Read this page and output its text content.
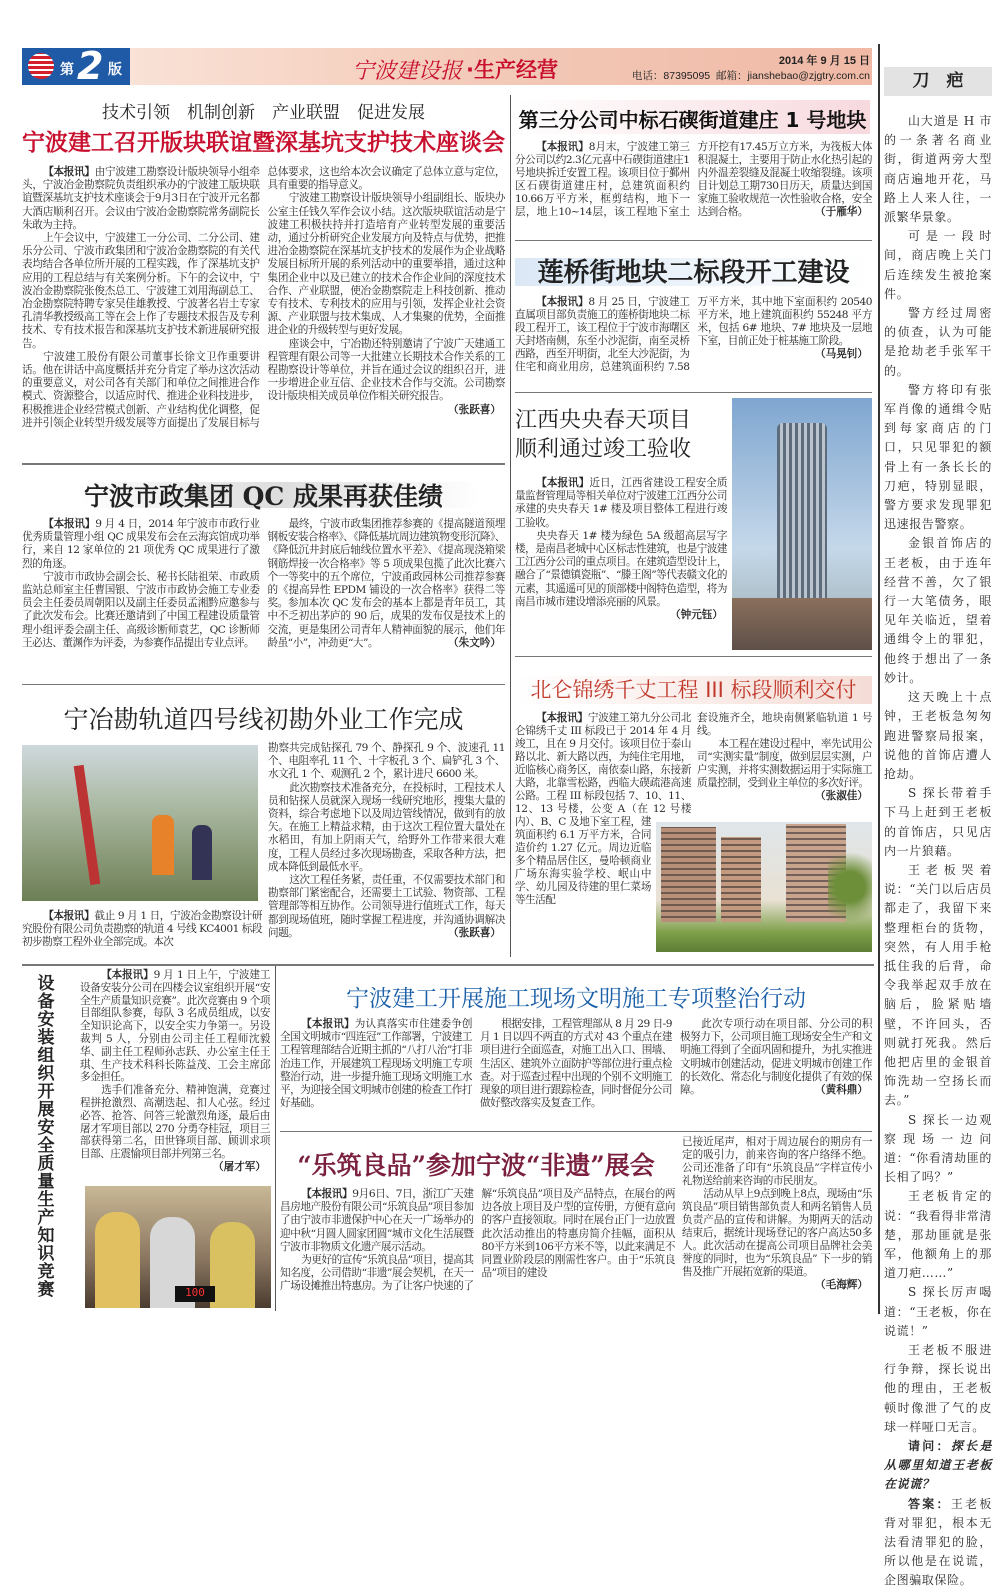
第 2 版	宁波建设报 ·生产经营	2014 年 9 月 15 日
电话：87395095 邮箱：jianshebao@zjgtry.com.cn
技术引领　机制创新　产业联盟　促进发展
宁波建工召开版块联谊暨深基坑支护技术座谈会

【本报讯】由宁波建工勘察设计版块领导小组牵头，宁波冶金勘察院负责组织承办的宁波建工版块联谊暨深基坑支护技术座谈会于9月3日在宁波开元名都大酒店顺利召开。会议由宁波冶金勘察院常务副院长朱敢为主持。

上午会议中，宁波建工一分公司、二分公司、建乐分公司、宁波市政集团和宁波冶金勘察院的有关代表均结合各单位所开展的工程实践，作了深基坑支护应用的工程总结与有关案例分析。下午的会议中，宁波冶金勘察院张俊杰总工、宁波建工刘用海副总工、冶金勘察院特聘专家吴佳雄教授、宁波著名岩土专家孔清华教授级高工等在会上作了专题技术报告及专利技术、专有技术报告和深基坑支护技术新进展研究报告。

宁波建工股份有限公司董事长徐文卫作重要讲话。他在讲话中高度概括并充分肯定了举办这次活动的重要意义，对公司各有关部门和单位之间推进合作模式、资源整合，以适应时代、推进企业科技进步，积极推进企业经营模式创新、产业结构优化调整，促进并引领企业转型升级发展等方面提出了发展目标与总体要求，这也给本次会议确定了总体立意与定位，具有重要的指导意义。

宁波建工勘察设计版块领导小组副组长、版块办公室主任钱久军作会议小结。这次版块联谊活动是宁波建工积极扶持并打造培育产业转型发展的重要活动，通过分析研究企业发展方向及特点与优势，把推进冶金勘察院在深基坑支护技术的发展作为企业战略发展目标所开展的系列活动中的重要举措，通过这种集团企业中以及已建立的技术合作企业间的深度技术合作、产业联盟，使冶金勘察院走上科技创新、推动专有技术、专利技术的应用与引领，发挥企业社会资源、产业联盟与技术集成、人才集聚的优势，全面推进企业的升级转型与更好发展。

座谈会中，宁冶勘还特别邀请了宁波广天建通工程管理有限公司等一大批建立长期技术合作关系的工程勘察设计等单位，并旨在通过会议的组织召开，进一步增进企业互信、企业技术合作与交流。公司勘察设计版块相关成员单位作相关研究报告。
（张跃喜）

第三分公司中标石碶街道建庄 1 号地块

【本报讯】8月末，宁波建工第三分公司以约2.3亿元喜中石碶街道建庄1号地块拆迁安置工程。该项目位于鄞州区石碶街道建庄村，总建筑面积约10.66万平方米，框剪结构，地下一层，地上10~14层，该工程地下室土方开挖有17.45万立方米，为筏板大体积混凝土，主要用于防止水化热引起的内外温差裂缝及混凝土收缩裂缝。该项目计划总工期730日历天，质量达到国家施工验收规范一次性验收合格，安全达到合格。	（于雁华）

莲桥街地块二标段开工建设

【本报讯】8 月 25 日，宁波建工直属项目部负责施工的莲桥街地块二标段工程开工，该工程位于宁波市海曙区天封塔南侧，东至小沙泥街，南至灵桥西路，西至开明街，北至大沙泥街，为住宅和商业用房，总建筑面积约 7.58 万平方米，其中地下室面积约 20540 平方米，地上建筑面积约 55248 平方米，包括 6# 地块、7# 地块及一层地下室，目前正处于桩基施工阶段。
（马晃钊）

江西央央春天项目
顺利通过竣工验收

【本报讯】近日，江西省建设工程安全质量监督管理局等相关单位对宁波建工江西分公司承建的央央春天 1# 楼及项目整体工程进行竣工验收。

央央春天 1# 楼为绿色 5A 级超高层写字楼，是南昌老城中心区标志性建筑，也是宁波建工江西分公司的重点项目。在建筑造型设计上，融合了“景德镇瓷瓶”、“滕王阁”等代表赣文化的元素，其遥遥可见的顶部楼中阁特色造型，将为南昌市城市建设增添亮丽的风景。
（钟元钰）

宁波市政集团 QC 成果再获佳绩

【本报讯】9 月 4 日，2014 年宁波市市政行业优秀质量管理小组 QC 成果发布会在云海宾馆成功举行，来自 12 家单位的 21 项优秀 QC 成果进行了激烈的角逐。

宁波市市政协会副会长、秘书长陆祖荣、市政质监站总师室主任曹国银、宁波市市政协会施工专业委员会主任委员周朝阳以及副主任委员孟湘黔应邀参与了此次发布会。比赛还邀请到了中国工程建设质量管理小组评委会副主任、高级诊断师袁艺，QC 诊断师王必达、董渊作为评委，为参赛作品提出专业点评。

最终，宁波市政集团推荐参赛的《提高隧道预埋钢板安装合格率》、《降低基坑周边建筑物变形沉降》、《降低沉井封底后轴线位置水平差》、《提高现浇箱梁钢筋焊接一次合格率》等 5 项成果包揽了此次比赛六个一等奖中的五个席位，宁波甬政园林公司推荐参赛的《提高异性 EPDM 铺设的一次合格率》获得二等奖。参加本次 QC 发布会的基本上都是青年员工，其中不乏初出茅庐的 90 后，成果的发布仅是技术上的交流，更是集团公司青年人精神面貌的展示，他们年龄虽“小”，冲劲更“大”。	（朱文吟）

宁冶勘轨道四号线初勘外业工作完成

【本报讯】截止 9 月 1 日，宁波冶金勘察设计研究股份有限公司负责勘察的轨道 4 号线 KC4001 标段初步勘察工程外业全部完成。本次

勘察共完成钻探孔 79 个、静探孔 9 个、波速孔 11 个、电阻率孔 11 个、十字板孔 3 个、扁铲孔 3 个、水文孔 1 个、观测孔 2 个，累计进尺 6600 米。

此次勘察技术准备充分，在投标时，工程技术人员和钻探人员就深入现场一线研究地形，搜集大量的资料，综合考虑地下以及周边管线情况，做到有的放矢。在施工上精益求精，由于这次工程位置大量处在水稻田，有加上阴雨天气，给野外工作带来很大难度，工程人员经过多次现场勘查，采取各种方法，把成本降低到最低水平。

这次工程任务紧，责任重，不仅需要技术部门和勘察部门紧密配合，还需要土工试验、物资部、工程管理部等相互协作。公司领导进行值班式工作，每天都到现场值班，随时掌握工程进度，并沟通协调解决问题。	（张跃喜）

北仑锦绣千丈工程 III 标段顺利交付

【本报讯】宁波建工第九分公司北仑锦绣千丈 III 标段已于 2014 年 4 月竣工，且在 9 月交付。该项目位于泰山路以北、新大路以西，为纯住宅用地，近临核心商务区，南依泰山路，东接新大路，北靠雪松路，西临大碶疏港高速公路。工程 III 标段包括 7、10、11、12、13 号楼，公变 A（在 12 号楼内）、B、C 及地下室工程，建筑面积约 6.1 万平方米，合同造价约 1.27 亿元。周边近临多个精品居住区，曼哈顿商业广场东海实验学校、岷山中学、幼儿园及待建的里仁菜场等生活配

套设施齐全，地块南侧紧临轨道 1 号线。

本工程在建设过程中，率先试用公司“实测实量”制度，做到层层实测，户户实测，并将实测数据运用于实际施工质量控制，受到业主单位的多次好评。
（张淑佳）

设备安装组织开展安全质量生产知识竞赛

【本报讯】9 月 1 日上午，宁波建工设备安装分公司在四楼会议室组织开展“安全生产质量知识竞赛”。此次竞赛由 9 个项目部组队参赛，每队 3 名成员组成，以安全知识论高下，以安全实力争第一。另设裁判 5 人，分别由公司主任工程师沈毅华、副主任工程师孙志跃、办公室主任王琪、生产技术科科长陈益茂、工会主席邱多金担任。

选手们准备充分、精神饱满，竞赛过程拼抢激烈、高潮迭起、扣人心弦。经过必答、抢答、问答三轮激烈角逐，最后由屠才军项目部以 270 分勇夺桂冠，项目三部获得第二名，田世锋项目部、顾训求项目部、庄震愉项目部并列第三名。
（屠才军）

100
宁波建工开展施工现场文明施工专项整治行动

【本报讯】为认真落实市住建委争创全国文明城市“四连冠”工作部署，宁波建工工程管理部结合近期主抓的“八打八治”打非治违工作，开展建筑工程现场文明施工专项整治行动，进一步提升施工现场文明施工水平，为迎接全国文明城市创建的检查工作打好基础。

根据安排，工程管理部从 8 月 29 日-9 月 1 日以四不两直的方式对 43 个重点在建项目进行全面巡查，对施工出入口、围墙、生活区、建筑外立面防护等部位进行重点检查。对于巡查过程中出现的个别不文明施工现象的项目进行跟踪检查，同时督促分公司做好整改落实及复查工作。

此次专项行动在项目部、分公司的积极努力下，公司项目施工现场安全生产和文明施工得到了全面巩固和提升，为扎实推进文明城市创建活动，促进文明城市创建工作的长效化、常态化与制度化提供了有效的保障。	（黄科鼎）

“乐筑良品”参加宁波“非遗”展会

【本报讯】9月6日、7日，浙江广天建昌房地产股份有限公司“乐筑良品”项目参加了由宁波市非遗保护中心在天一广场举办的迎中秋“月圆人圆家团圆”城市文化生活展暨宁波市非物质文化遗产展示活动。

为更好的宣传“乐筑良品”项目，提高其知名度，公司借助“非遗”展会契机，在天一广场设摊推出特惠房。为了让客户快速的了解“乐筑良品”项目及产品特点，在展台的两边各放上项目及户型的宣传册，方便有意向的客户直接领取。同时在展台正门一边放置此次活动推出的特惠房简介挂幅，面积从80平方米到106平方米不等，以此来满足不同置业阶段层的刚需性客户。由于“乐筑良品”项目的建设

已接近尾声，相对于周边展台的期房有一定的吸引力，前来咨询的客户络绎不绝。公司还准备了印有“乐筑良品”字样宣传小礼物送给前来咨询的市民朋友。

活动从早上9点到晚上8点，现场由“乐筑良品”项目销售部负责人和两名销售人员负责产品的宣传和讲解。为期两天的活动结束后，据统计现场登记的客户高达50多人。此次活动在提高公司项目品牌社会美誉度的同时，也为“乐筑良品” 下一步的销售及推广开展拓宽新的渠道。
（毛海辉）

刀　疤

山大道是 H 市的一条著名商业街，街道两旁大型商店遍地开花，马路上人来人往，一派繁华景象。

可是一段时间，商店晚上关门后连续发生被抢案件。

警方经过周密的侦查，认为可能是抢劫老手张军干的。

警方将印有张军肖像的通缉令贴到每家商店的门口，只见罪犯的额骨上有一条长长的刀疤，特别显眼，警方要求发现罪犯迅速报告警察。

金银首饰店的王老板，由于连年经营不善，欠了银行一大笔债务，眼见年关临近，望着通缉令上的罪犯，他终于想出了一条妙计。

这天晚上十点钟，王老板急匆匆跑进警察局报案，说他的首饰店遭人抢劫。

S 探长带着手下马上赶到王老板的首饰店，只见店内一片狼藉。

王老板哭着说：“关门以后店员都走了，我留下来整理柜台的货物，突然，有人用手枪抵住我的后背，命令我举起双手放在脑后，脸紧贴墙壁，不许回头，否则就打死我。然后他把店里的金银首饰洗劫一空扬长而去。”

S 探长一边观察现场一边问道：“你看清劫匪的长相了吗？”

王老板肯定的说：“我看得非常清楚，那劫匪就是张军，他额角上的那道刀疤……”

S 探长厉声喝道：“王老板，你在说谎！”

王老板不服进行争辩，探长说出他的理由，王老板顿时像泄了气的皮球一样哑口无言。

请问：探长是从哪里知道王老板在说谎？

答案：王老板背对罪犯，根本无法看清罪犯的脸，所以他是在说谎，企图骗取保险。
